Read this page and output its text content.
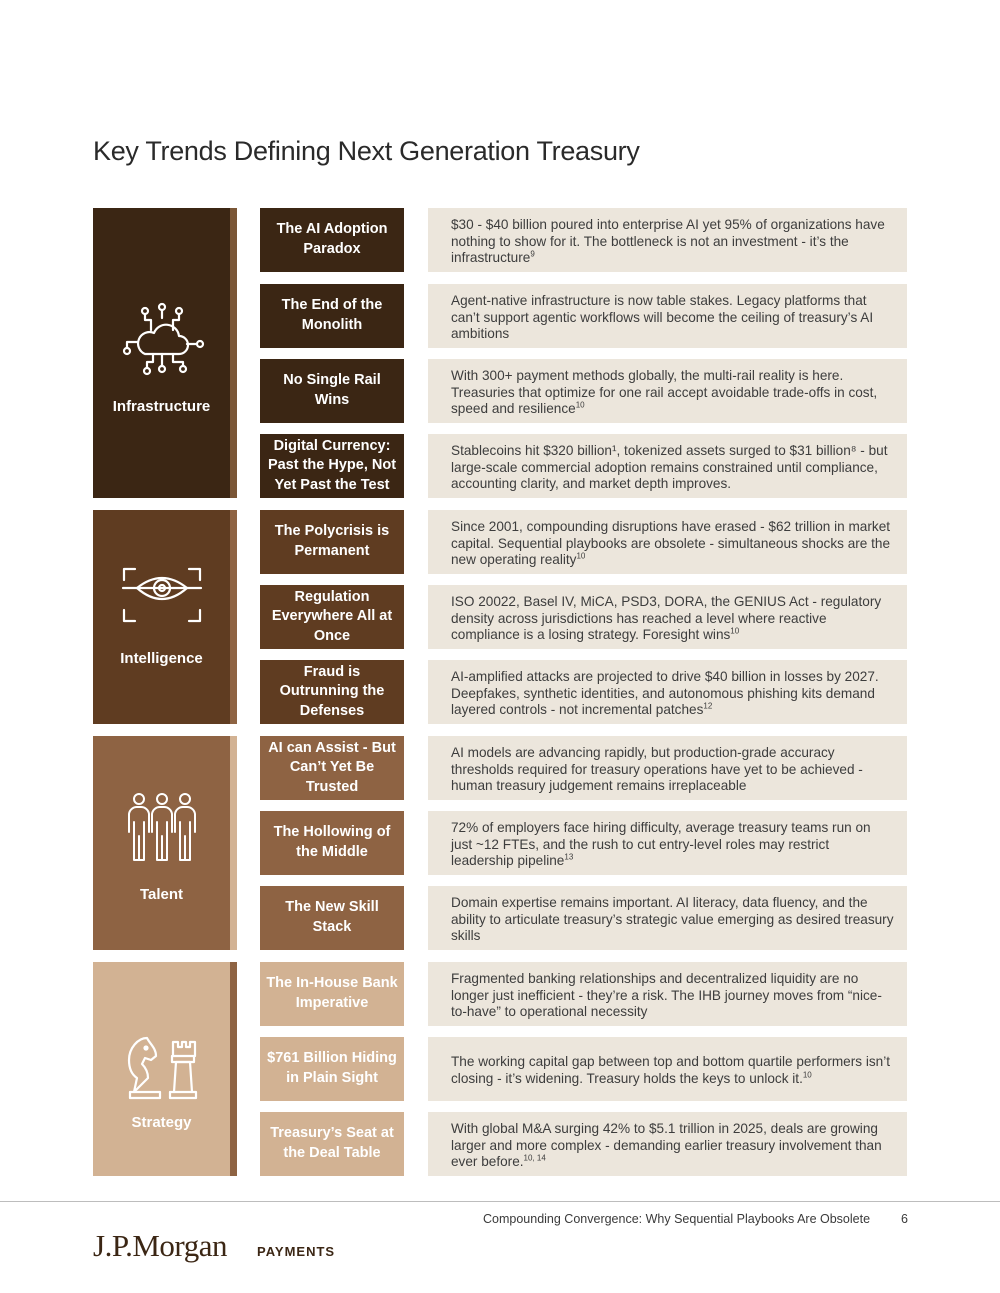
Key Trends Defining Next Generation Treasury
Infrastructure
Intelligence
Talent
Strategy
The AI Adoption Paradox
The End of the Monolith
No Single Rail Wins
Digital Currency: Past the Hype, Not Yet Past the Test
The Polycrisis is Permanent
Regulation Everywhere All at Once
Fraud is Outrunning the Defenses
AI can Assist - But Can’t Yet Be Trusted
The Hollowing of the Middle
The New Skill Stack
The In-House Bank Imperative
$761 Billion Hiding in Plain Sight
Treasury’s Seat at the Deal Table
$30 - $40 billion poured into enterprise AI yet 95% of organizations have nothing to show for it. The bottleneck is not an investment - it’s the infrastructure$^9$
Agent-native infrastructure is now table stakes. Legacy platforms that can’t support agentic workflows will become the ceiling of treasury’s AI ambitions
With 300+ payment methods globally, the multi-rail reality is here. Treasuries that optimize for one rail accept avoidable trade-offs in cost, speed and resilience$^{10}$
Stablecoins hit $320 billion¹, tokenized assets surged to $31 billion⁸ - but large-scale commercial adoption remains constrained until compliance, accounting clarity, and market depth improves.
Since 2001, compounding disruptions have erased - $62 trillion in market capital. Sequential playbooks are obsolete - simultaneous shocks are the new operating reality$^{10}$
ISO 20022, Basel IV, MiCA, PSD3, DORA, the GENIUS Act - regulatory density across jurisdictions has reached a level where reactive compliance is a losing strategy. Foresight wins$^{10}$
AI-amplified attacks are projected to drive $40 billion in losses by 2027. Deepfakes, synthetic identities, and autonomous phishing kits demand layered controls - not incremental patches$^{12}$
AI models are advancing rapidly, but production-grade accuracy thresholds required for treasury operations have yet to be achieved - human treasury judgement remains irreplaceable
72% of employers face hiring difficulty, average treasury teams run on just ~12 FTEs, and the rush to cut entry-level roles may restrict leadership pipeline$^{13}$
Domain expertise remains important. AI literacy, data fluency, and the ability to articulate treasury’s strategic value emerging as desired treasury skills
Fragmented banking relationships and decentralized liquidity are no longer just inefficient - they’re a risk. The IHB journey moves from “nice-to-have” to operational necessity
The working capital gap between top and bottom quartile performers isn’t closing - it’s widening. Treasury holds the keys to unlock it.$^{10}$
With global M&A surging 42% to $5.1 trillion in 2025, deals are growing larger and more complex - demanding earlier treasury involvement than ever before.$^{10, 14}$
Compounding Convergence: Why Sequential Playbooks Are Obsolete 6
J.P.Morgan PAYMENTS
